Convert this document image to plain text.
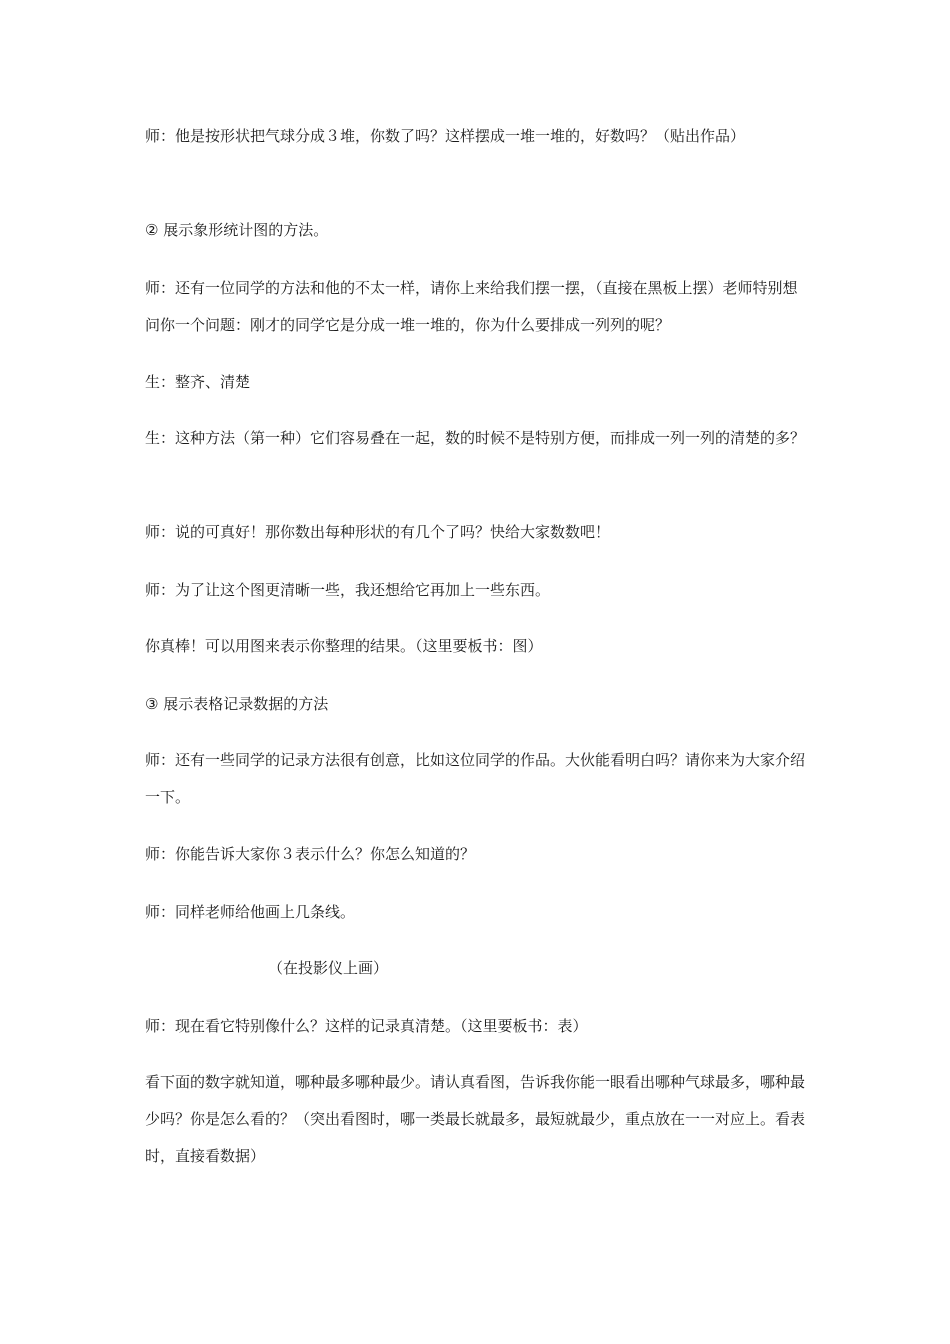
师：他是按形状把气球分成３堆，你数了吗？这样摆成一堆一堆的，好数吗？（贴出作品）

② 展示象形统计图的方法。

师：还有一位同学的方法和他的不太一样，请你上来给我们摆一摆，（直接在黑板上摆）老师特别想问你一个问题：刚才的同学它是分成一堆一堆的，你为什么要排成一列列的呢？

生：整齐、清楚

生：这种方法（第一种）它们容易叠在一起，数的时候不是特别方便，而排成一列一列的清楚的多？

师：说的可真好！那你数出每种形状的有几个了吗？快给大家数数吧！

师：为了让这个图更清晰一些，我还想给它再加上一些东西。

你真棒！可以用图来表示你整理的结果。（这里要板书：图）

③ 展示表格记录数据的方法

师：还有一些同学的记录方法很有创意，比如这位同学的作品。大伙能看明白吗？请你来为大家介绍一下。

师：你能告诉大家你３表示什么？你怎么知道的？

师：同样老师给他画上几条线。

（在投影仪上画）

师：现在看它特别像什么？这样的记录真清楚。（这里要板书：表）

看下面的数字就知道，哪种最多哪种最少。请认真看图，告诉我你能一眼看出哪种气球最多，哪种最少吗？你是怎么看的？（突出看图时，哪一类最长就最多，最短就最少，重点放在一一对应上。看表时，直接看数据）
